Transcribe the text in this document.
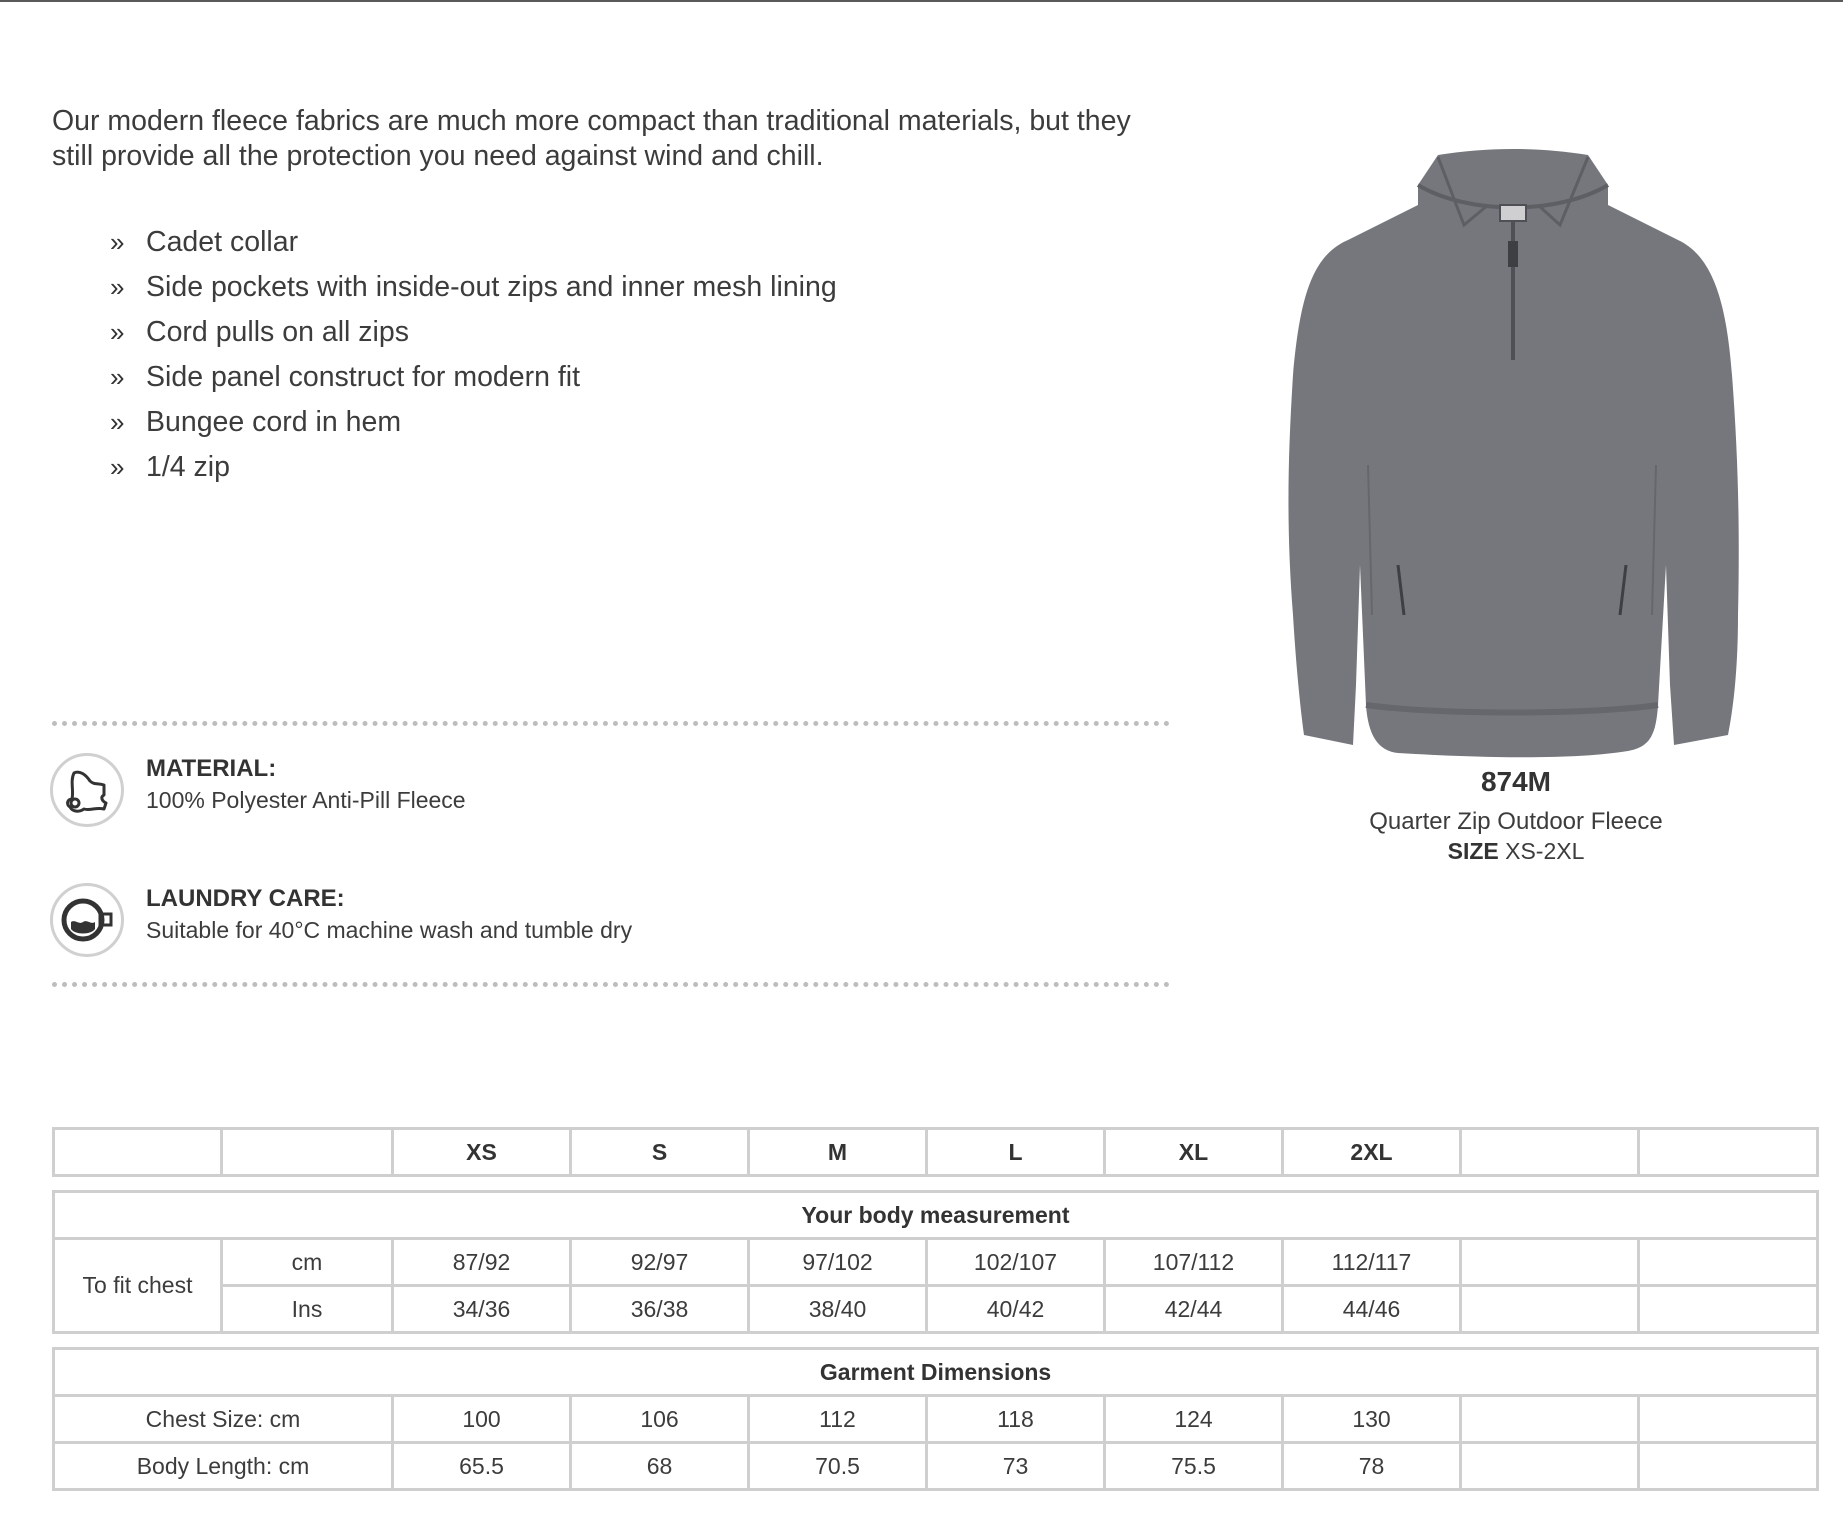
Our modern fleece fabrics are much more compact than traditional materials, but they still provide all the protection you need against wind and chill.

» Cadet collar
» Side pockets with inside-out zips and inner mesh lining
» Cord pulls on all zips
» Side panel construct for modern fit
» Bungee cord in hem
» 1/4 zip
MATERIAL:
100% Polyester Anti-Pill Fleece
LAUNDRY CARE:
Suitable for 40°C machine wash and tumble dry
874M
Quarter Zip Outdoor Fleece
SIZE XS-2XL
		XS	S	M	L	XL	2XL		
Your body measurement									
To fit chest	cm	87/92	92/97	97/102	102/107	107/112	112/117		
	Ins	34/36	36/38	38/40	40/42	42/44	44/46		
Garment Dimensions								
Chest Size: cm	100	106	112	118	124	130		
Body Length: cm	65.5	68	70.5	73	75.5	78		
